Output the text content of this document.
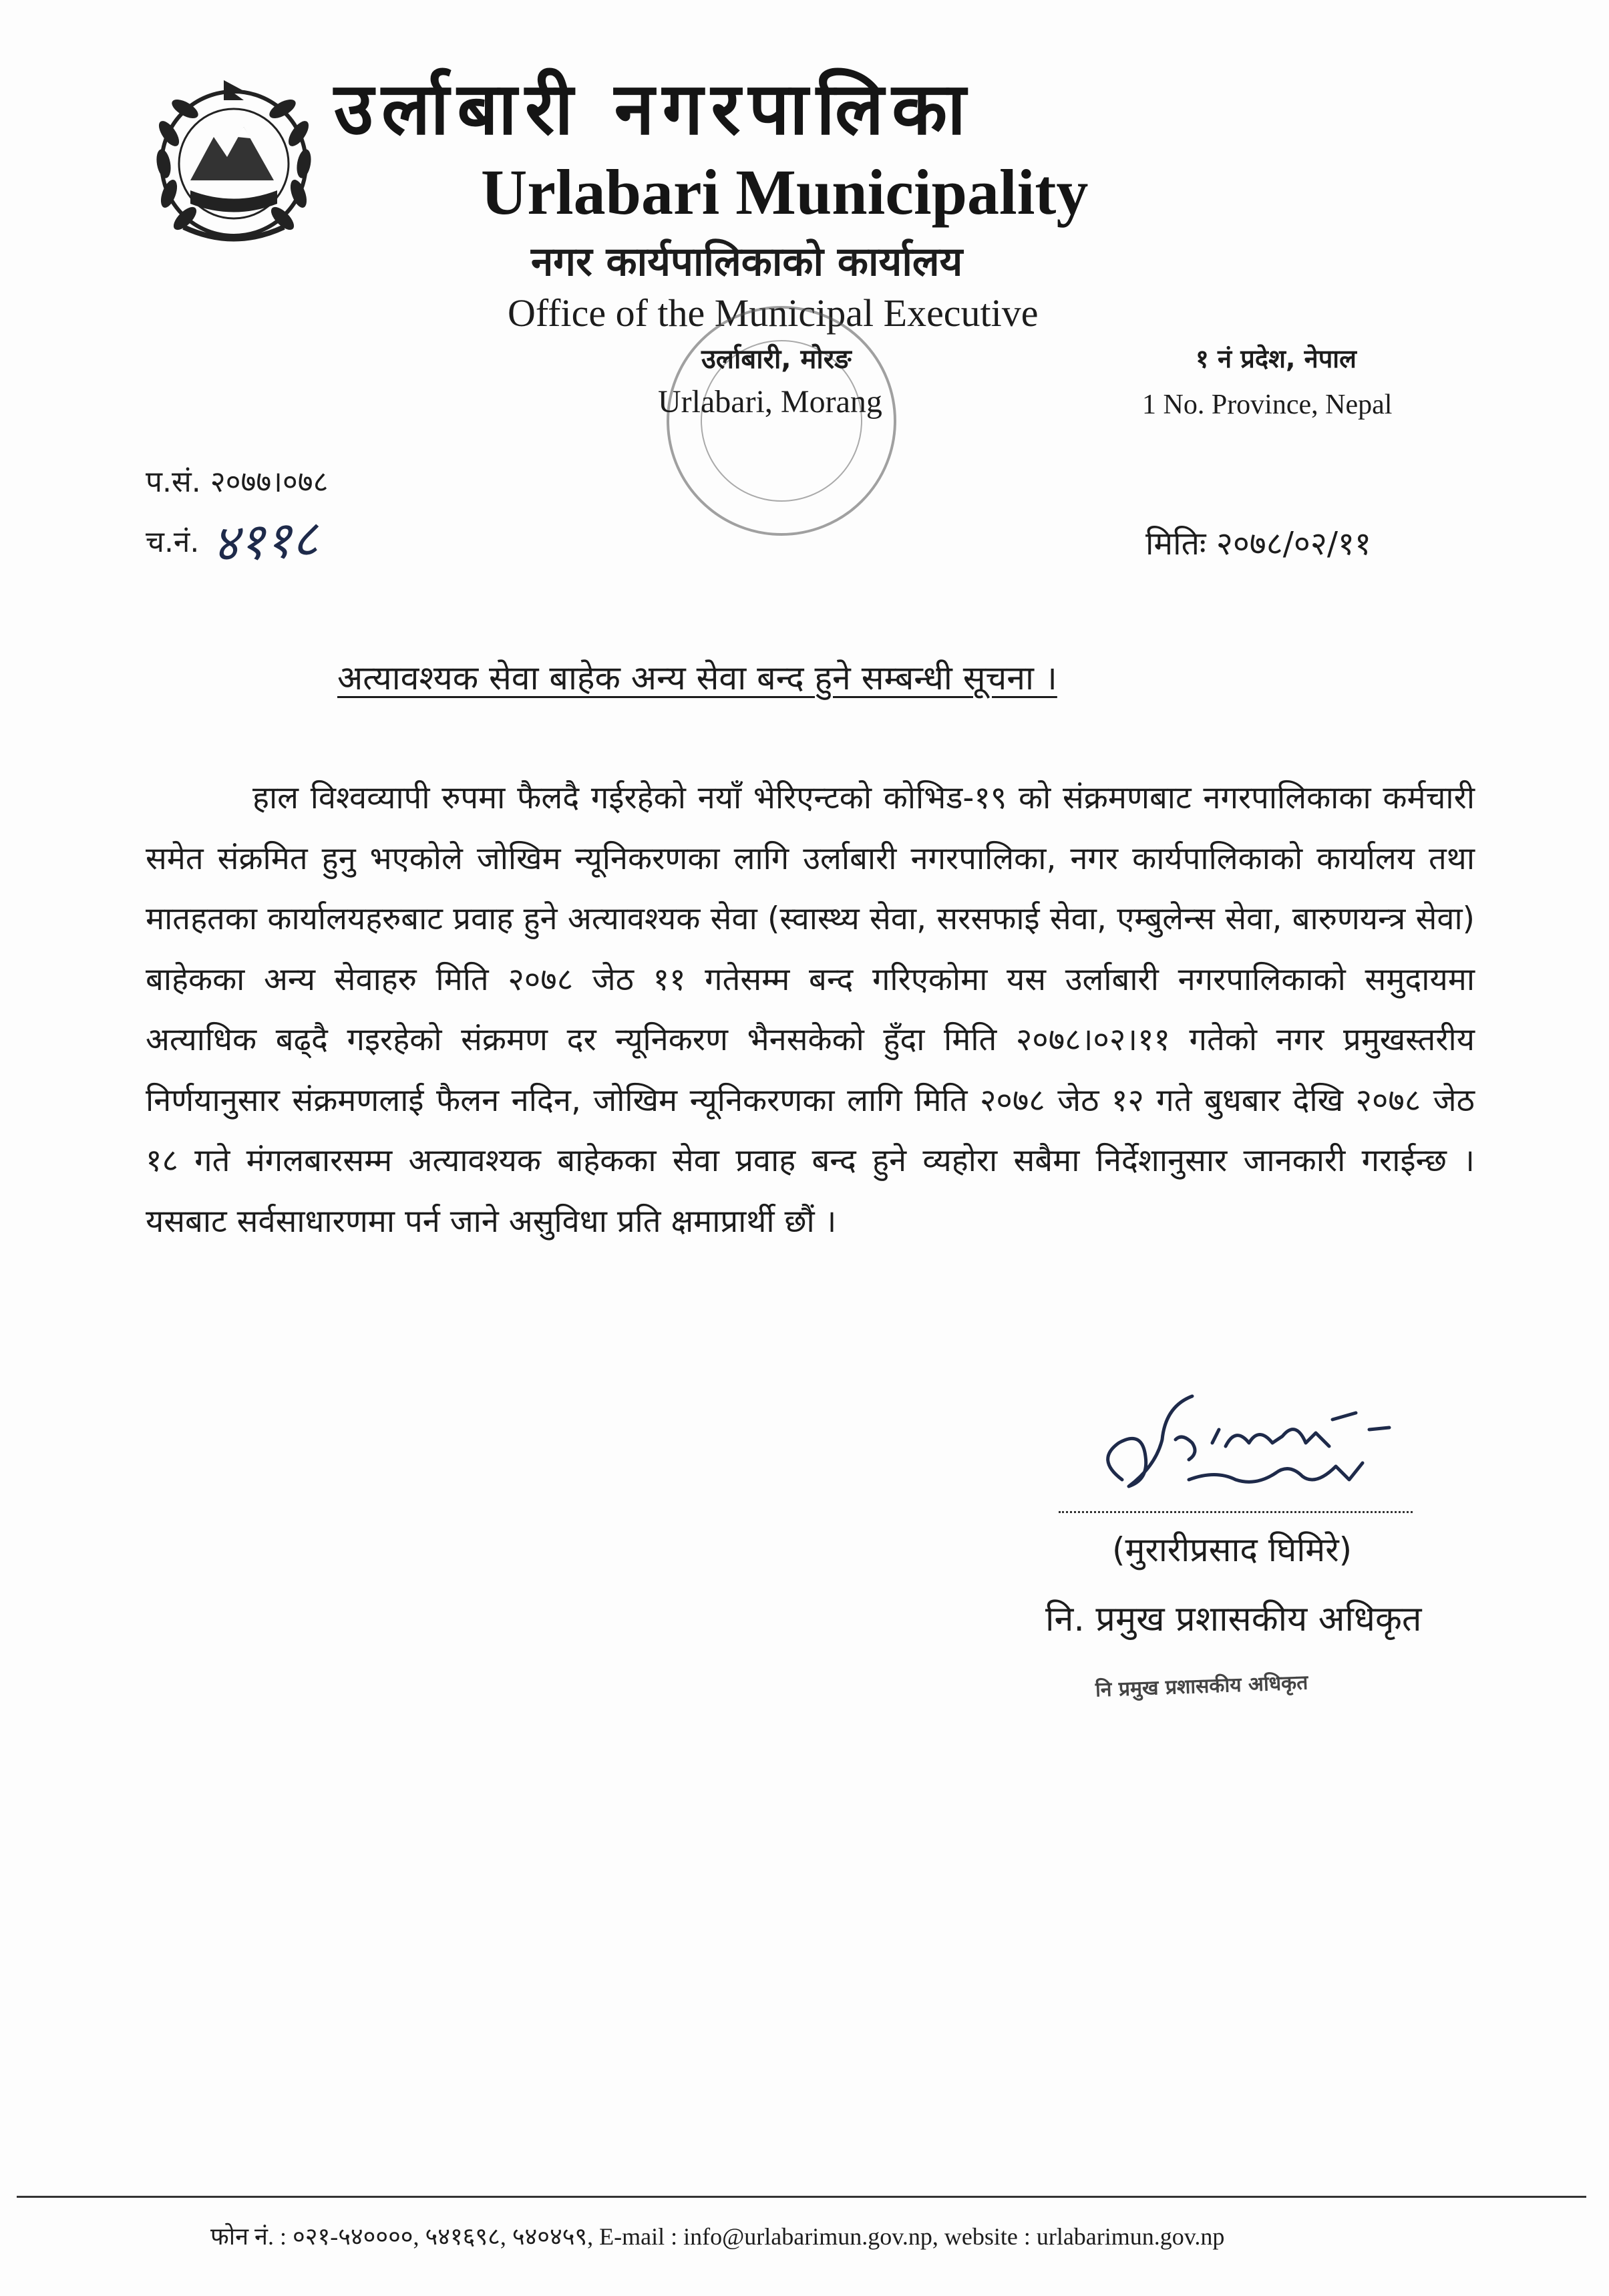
उर्लाबारी नगरपालिका
Urlabari Municipality
नगर कार्यपालिकाको कार्यालय
Office of the Municipal Executive
उर्लाबारी, मोरङ
Urlabari, Morang
१ नं प्रदेश, नेपाल
1 No. Province, Nepal
प.सं. २०७७।०७८
च.नं. ४११८	मितिः २०७८/०२/११
अत्यावश्यक सेवा बाहेक अन्य सेवा बन्द हुने सम्बन्धी सूचना ।
हाल विश्वव्यापी रुपमा फैलदै गईरहेको नयाँ भेरिएन्टको कोभिड-१९ को संक्रमणबाट नगरपालिकाका कर्मचारी समेत संक्रमित हुनु भएकोले जोखिम न्यूनिकरणका लागि उर्लाबारी नगरपालिका, नगर कार्यपालिकाको कार्यालय तथा मातहतका कार्यालयहरुबाट प्रवाह हुने अत्यावश्यक सेवा (स्वास्थ्य सेवा, सरसफाई सेवा, एम्बुलेन्स सेवा, बारुणयन्त्र सेवा) बाहेकका अन्य सेवाहरु मिति २०७८ जेठ ११ गतेसम्म बन्द गरिएकोमा यस उर्लाबारी नगरपालिकाको समुदायमा अत्याधिक बढ्दै गइरहेको संक्रमण दर न्यूनिकरण भैनसकेको हुँदा मिति २०७८।०२।११ गतेको नगर प्रमुखस्तरीय निर्णयानुसार संक्रमणलाई फैलन नदिन, जोखिम न्यूनिकरणका लागि मिति २०७८ जेठ १२ गते बुधबार देखि २०७८ जेठ १८ गते मंगलबारसम्म अत्यावश्यक बाहेकका सेवा प्रवाह बन्द हुने व्यहोरा सबैमा निर्देशानुसार जानकारी गराईन्छ । यसबाट सर्वसाधारणमा पर्न जाने असुविधा प्रति क्षमाप्रार्थी छौं ।
(मुरारीप्रसाद घिमिरे)
नि. प्रमुख प्रशासकीय अधिकृत
नि प्रमुख प्रशासकीय अधिकृत
फोन नं. : ०२१-५४००००, ५४१६९८, ५४०४५९, E-mail : info@urlabarimun.gov.np, website : urlabarimun.gov.np
